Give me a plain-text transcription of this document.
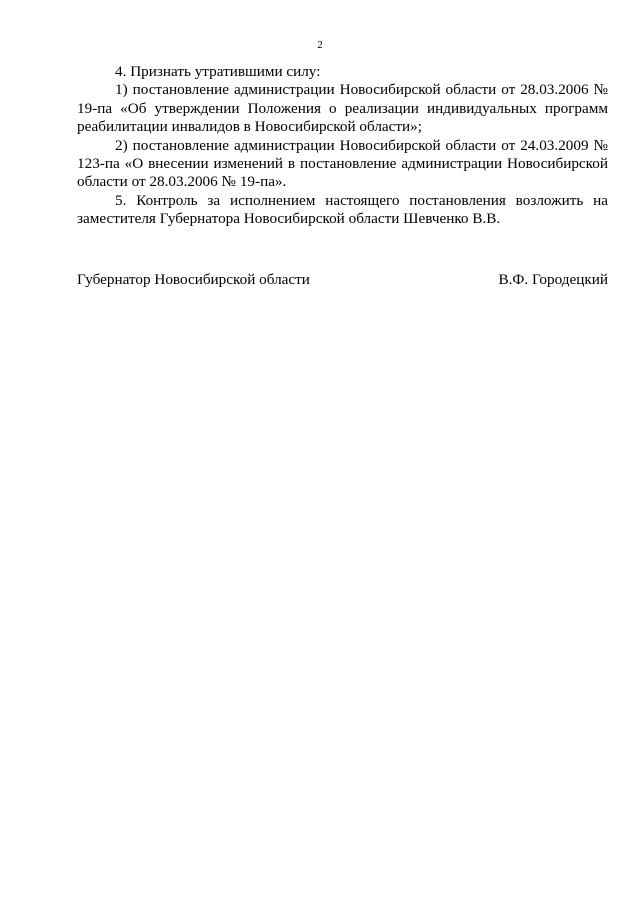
2

4. Признать утратившими силу:

1) постановление администрации Новосибирской области от 28.03.2006 № 19-па «Об утверждении Положения о реализации индивидуальных программ реабилитации инвалидов в Новосибирской области»;

2) постановление администрации Новосибирской области от 24.03.2009 № 123-па «О внесении изменений в постановление администрации Новосибирской области от 28.03.2006 № 19-па».

5. Контроль за исполнением настоящего постановления возложить на заместителя Губернатора Новосибирской области Шевченко В.В.

Губернатор Новосибирской области	В.Ф. Городецкий
